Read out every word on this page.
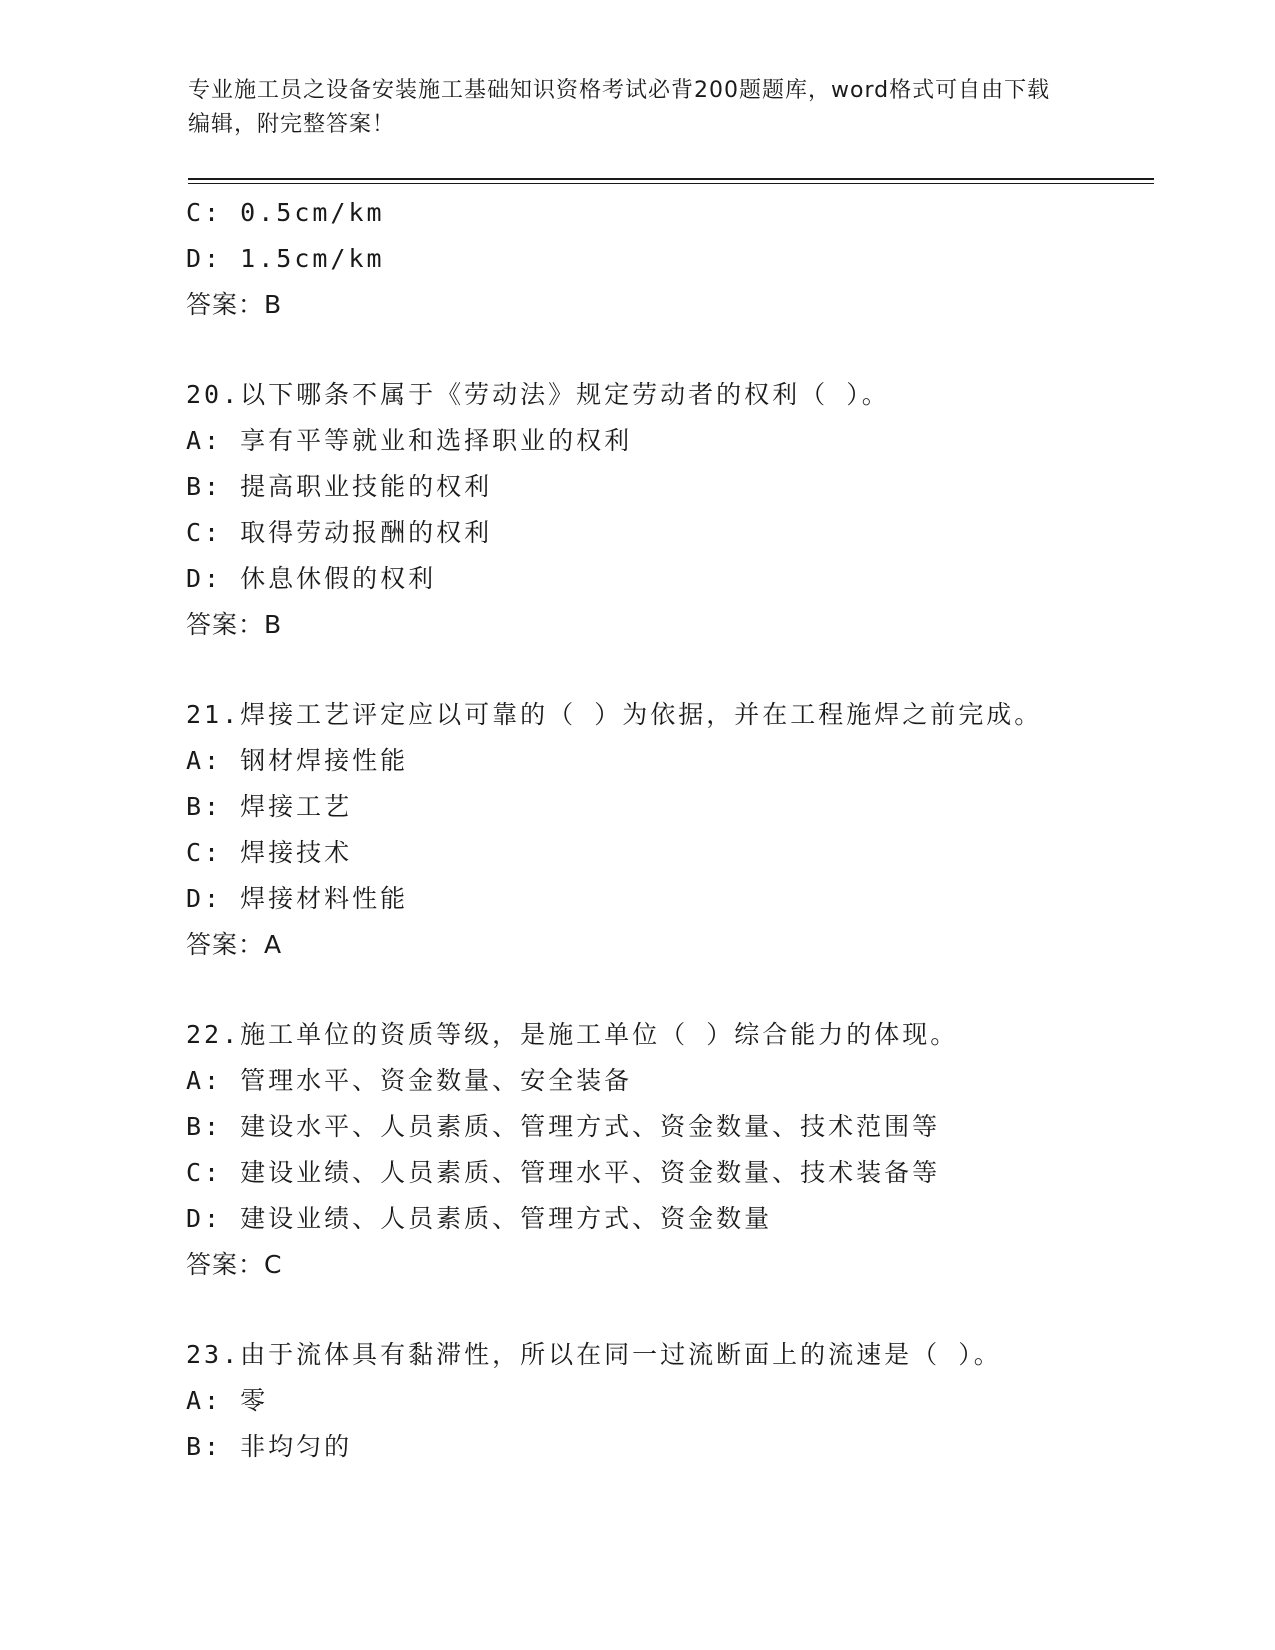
专业施工员之设备安装施工基础知识资格考试必背200题题库，word格式可自由下载编辑，附完整答案！
C: 0.5cm/km
D: 1.5cm/km
答案：B
20.以下哪条不属于《劳动法》规定劳动者的权利（ ）。
A: 享有平等就业和选择职业的权利
B: 提高职业技能的权利
C: 取得劳动报酬的权利
D: 休息休假的权利
答案：B
21.焊接工艺评定应以可靠的（ ）为依据，并在工程施焊之前完成。
A: 钢材焊接性能
B: 焊接工艺
C: 焊接技术
D: 焊接材料性能
答案：A
22.施工单位的资质等级，是施工单位（ ）综合能力的体现。
A: 管理水平、资金数量、安全装备
B: 建设水平、人员素质、管理方式、资金数量、技术范围等
C: 建设业绩、人员素质、管理水平、资金数量、技术装备等
D: 建设业绩、人员素质、管理方式、资金数量
答案：C
23.由于流体具有黏滞性，所以在同一过流断面上的流速是（ ）。
A: 零
B: 非均匀的
